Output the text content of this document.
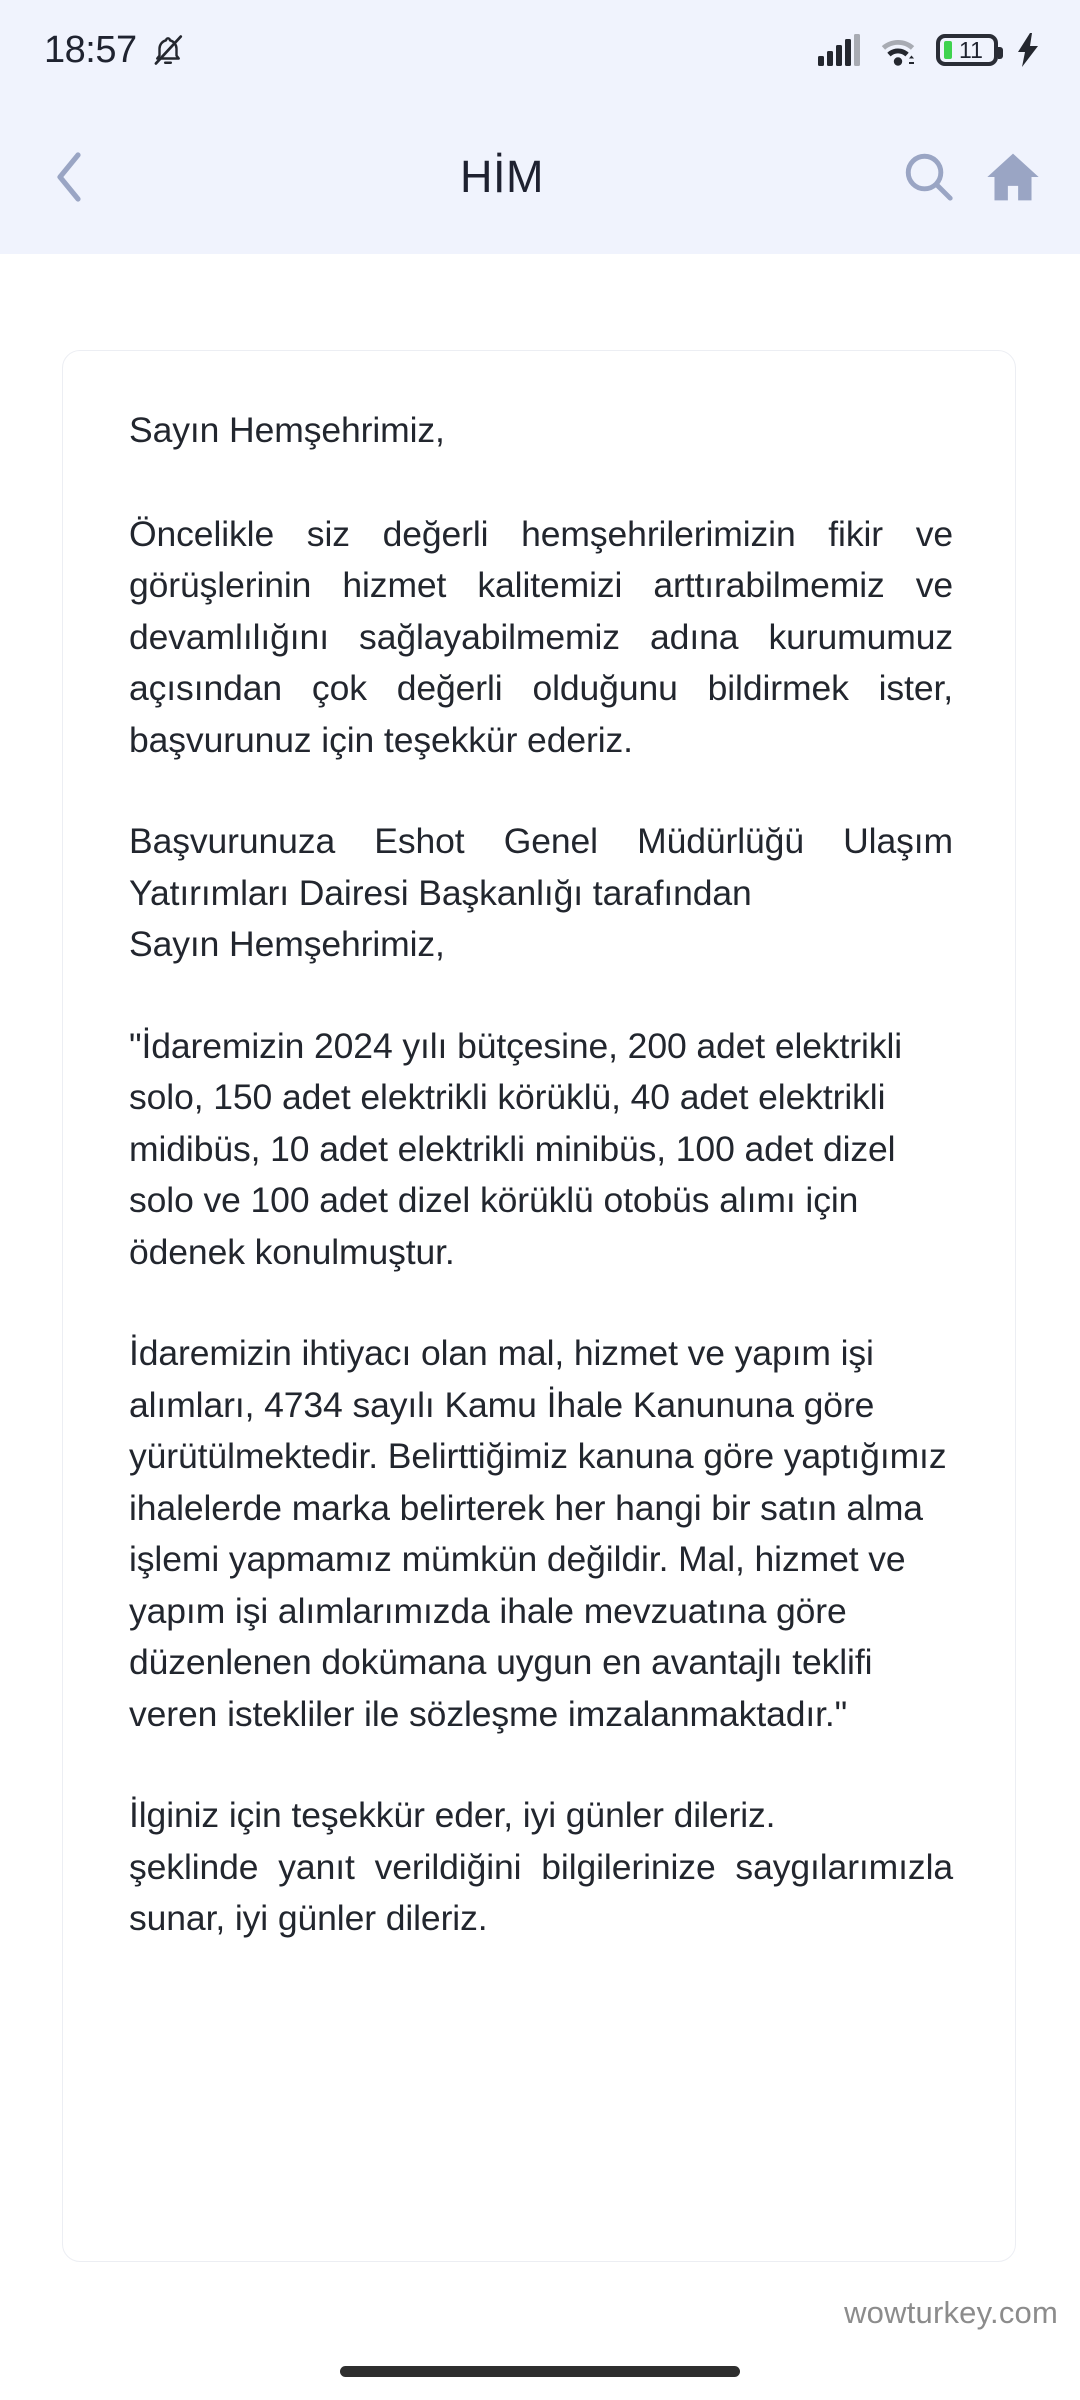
18:57	11
HİM

Sayın Hemşehrimiz,

Öncelikle siz değerli hemşehrilerimizin fikir ve görüşlerinin hizmet kalitemizi arttırabilmemiz ve devamlılığını sağlayabilmemiz adına kurumumuz açısından çok değerli olduğunu bildirmek ister, başvurunuz için teşekkür ederiz.

Başvurunuza Eshot Genel Müdürlüğü Ulaşım Yatırımları Dairesi Başkanlığı tarafından

Sayın Hemşehrimiz,

"İdaremizin 2024 yılı bütçesine, 200 adet elektrikli solo, 150 adet elektrikli körüklü, 40 adet elektrikli midibüs, 10 adet elektrikli minibüs, 100 adet dizel solo ve 100 adet dizel körüklü otobüs alımı için ödenek konulmuştur.

İdaremizin ihtiyacı olan mal, hizmet ve yapım işi alımları, 4734 sayılı Kamu İhale Kanununa göre yürütülmektedir. Belirttiğimiz kanuna göre yaptığımız ihalelerde marka belirterek her hangi bir satın alma işlemi yapmamız mümkün değildir. Mal, hizmet ve yapım işi alımlarımızda ihale mevzuatına göre düzenlenen dokümana uygun en avantajlı teklifi veren istekliler ile sözleşme imzalanmaktadır."

İlginiz için teşekkür eder, iyi günler dileriz.

şeklinde yanıt verildiğini bilgilerinize saygılarımızla sunar, iyi günler dileriz.

wowturkey.com
